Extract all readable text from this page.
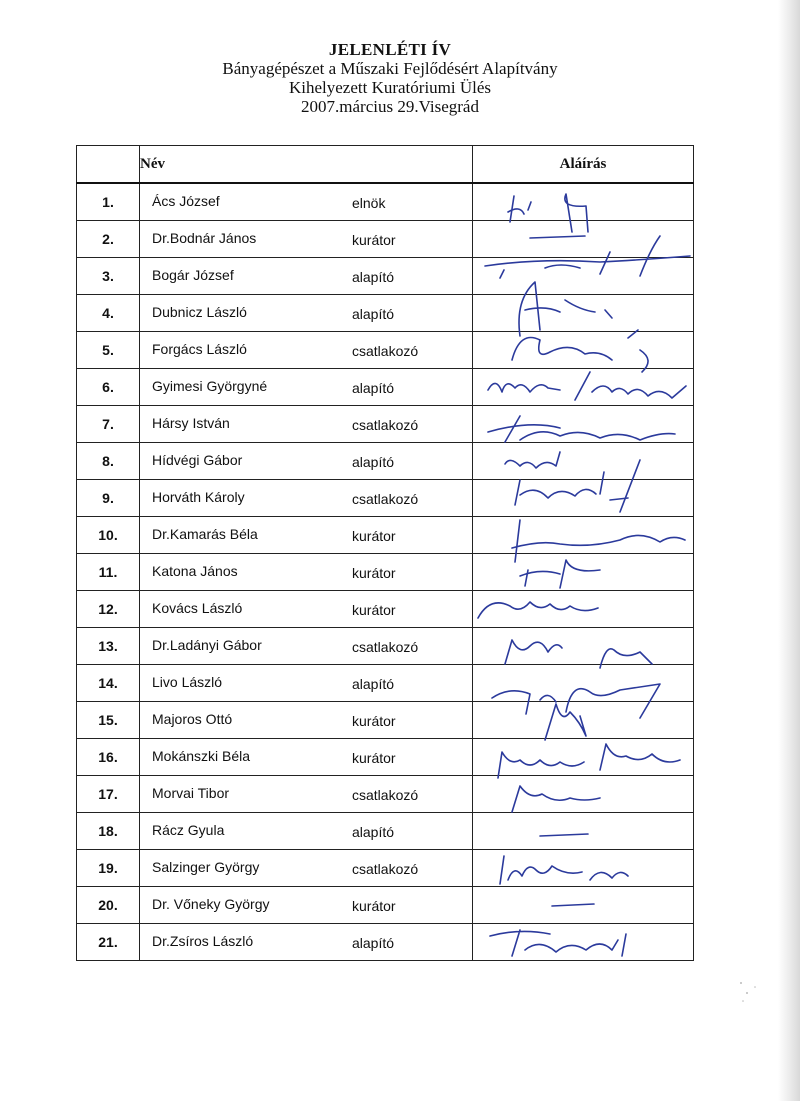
JELENLÉTI ÍV
Bányagépészet a Műszaki Fejlődésért Alapítvány
Kihelyezett Kuratóriumi Ülés
2007.március 29.Visegrád
	Név	Aláírás
1.	Ács József elnök	

2.	Dr.Bodnár János kurátor	

3.	Bogár József alapító	

4.	Dubnicz László alapító	

5.	Forgács László csatlakozó	

6.	Gyimesi Györgyné alapító	

7.	Hársy István csatlakozó	

8.	Hídvégi Gábor alapító	

9.	Horváth Károly csatlakozó	

10.	Dr.Kamarás Béla kurátor	

11.	Katona János kurátor	

12.	Kovács László kurátor	

13.	Dr.Ladányi Gábor csatlakozó	

14.	Livo László alapító	

15.	Majoros Ottó kurátor	

16.	Mokánszki Béla kurátor	

17.	Morvai Tibor csatlakozó	

18.	Rácz Gyula alapító	

19.	Salzinger György csatlakozó	

20.	Dr. Vőneky György kurátor	

21.	Dr.Zsíros László alapító	
